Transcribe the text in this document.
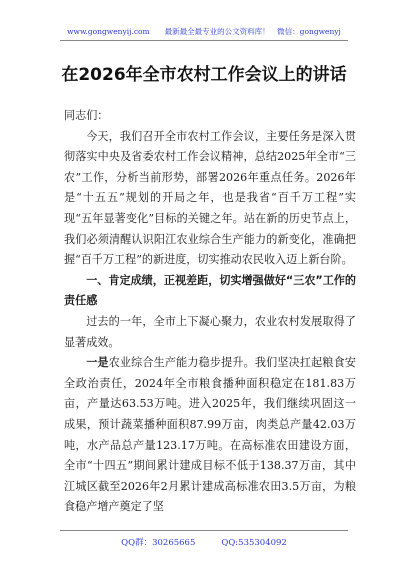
www.gongwenyij.com　　最新最全最专业的公文资料库！　微信：gongwenyj
在2026年全市农村工作会议上的讲话

同志们：

今天，我们召开全市农村工作会议，主要任务是深入贯彻落实中央及省委农村工作会议精神，总结2025年全市“三农”工作，分析当前形势，部署2026年重点任务。2026年是“十五五”规划的开局之年，也是我省“百千万工程”实现“五年显著变化”目标的关键之年。站在新的历史节点上，我们必须清醒认识阳江农业综合生产能力的新变化，准确把握“百千万工程”的新进度，切实推动农民收入迈上新台阶。

一、肯定成绩，正视差距，切实增强做好“三农”工作的责任感

过去的一年，全市上下凝心聚力，农业农村发展取得了显著成效。

一是农业综合生产能力稳步提升。我们坚决扛起粮食安全政治责任，2024年全市粮食播种面积稳定在181.83万亩，产量达63.53万吨。进入2025年，我们继续巩固这一成果，预计蔬菜播种面积87.99万亩，肉类总产量42.03万吨，水产品总产量123.17万吨。在高标准农田建设方面，全市“十四五”期间累计建成目标不低于138.37万亩，其中江城区截至2026年2月累计建成高标准农田3.5万亩，为粮食稳产增产奠定了坚

QQ群：30265665	QQ:535304092
